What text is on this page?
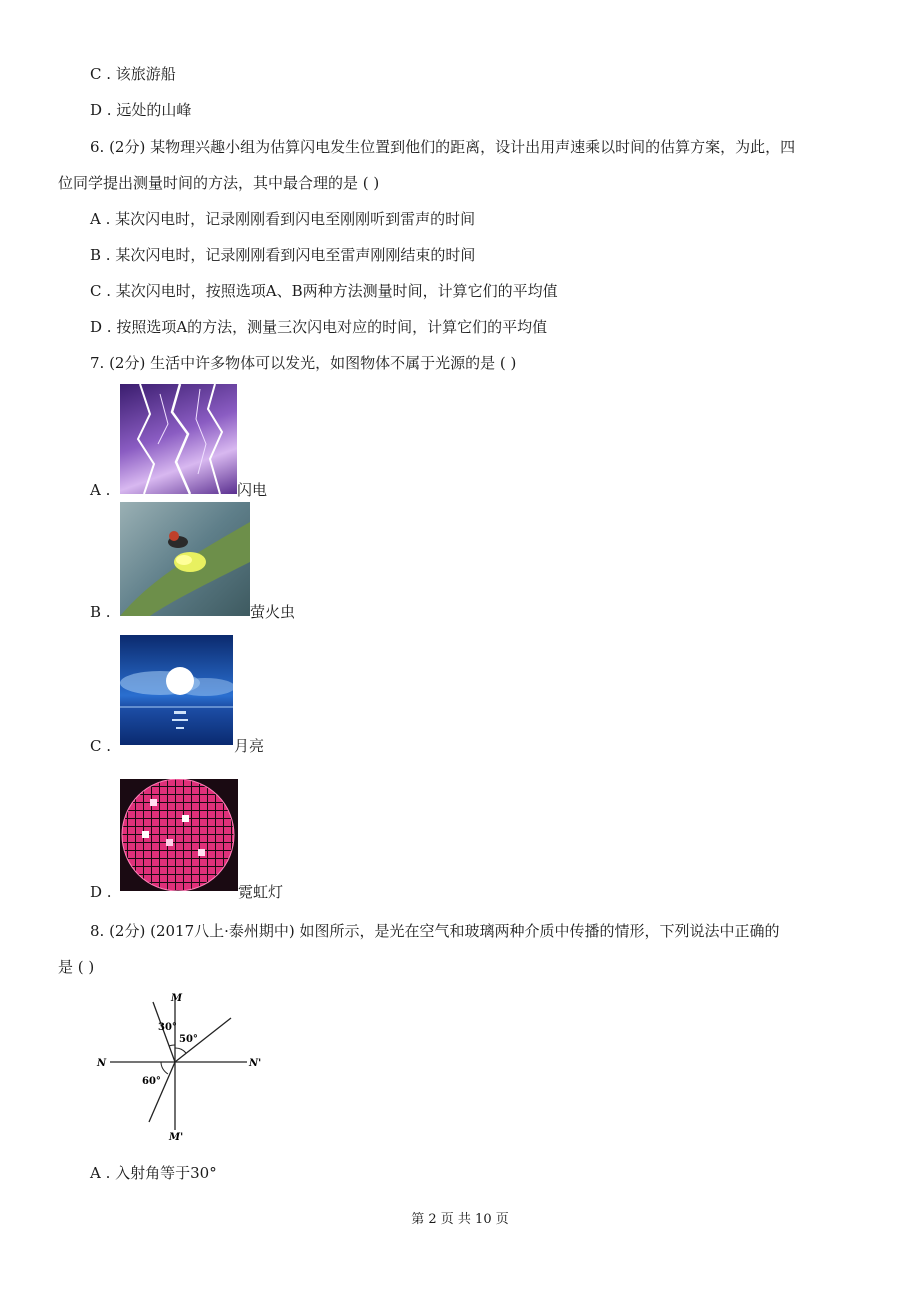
C . 该旅游船
D . 远处的山峰
6. (2分) 某物理兴趣小组为估算闪电发生位置到他们的距离，设计出用声速乘以时间的估算方案，为此，四
位同学提出测量时间的方法，其中最合理的是 ( )
A . 某次闪电时，记录刚刚看到闪电至刚刚听到雷声的时间
B . 某次闪电时，记录刚刚看到闪电至雷声刚刚结束的时间
C . 某次闪电时，按照选项A、B两种方法测量时间，计算它们的平均值
D . 按照选项A的方法，测量三次闪电对应的时间，计算它们的平均值
7. (2分) 生活中许多物体可以发光，如图物体不属于光源的是 ( )
A .	闪电
B .	萤火虫
C .	月亮
D .	霓虹灯
8. (2分) (2017八上·泰州期中) 如图所示，是光在空气和玻璃两种介质中传播的情形，下列说法中正确的
是 ( )
M
M'
N	N'
30°
50°
60°
A . 入射角等于30°
第 2 页 共 10 页
